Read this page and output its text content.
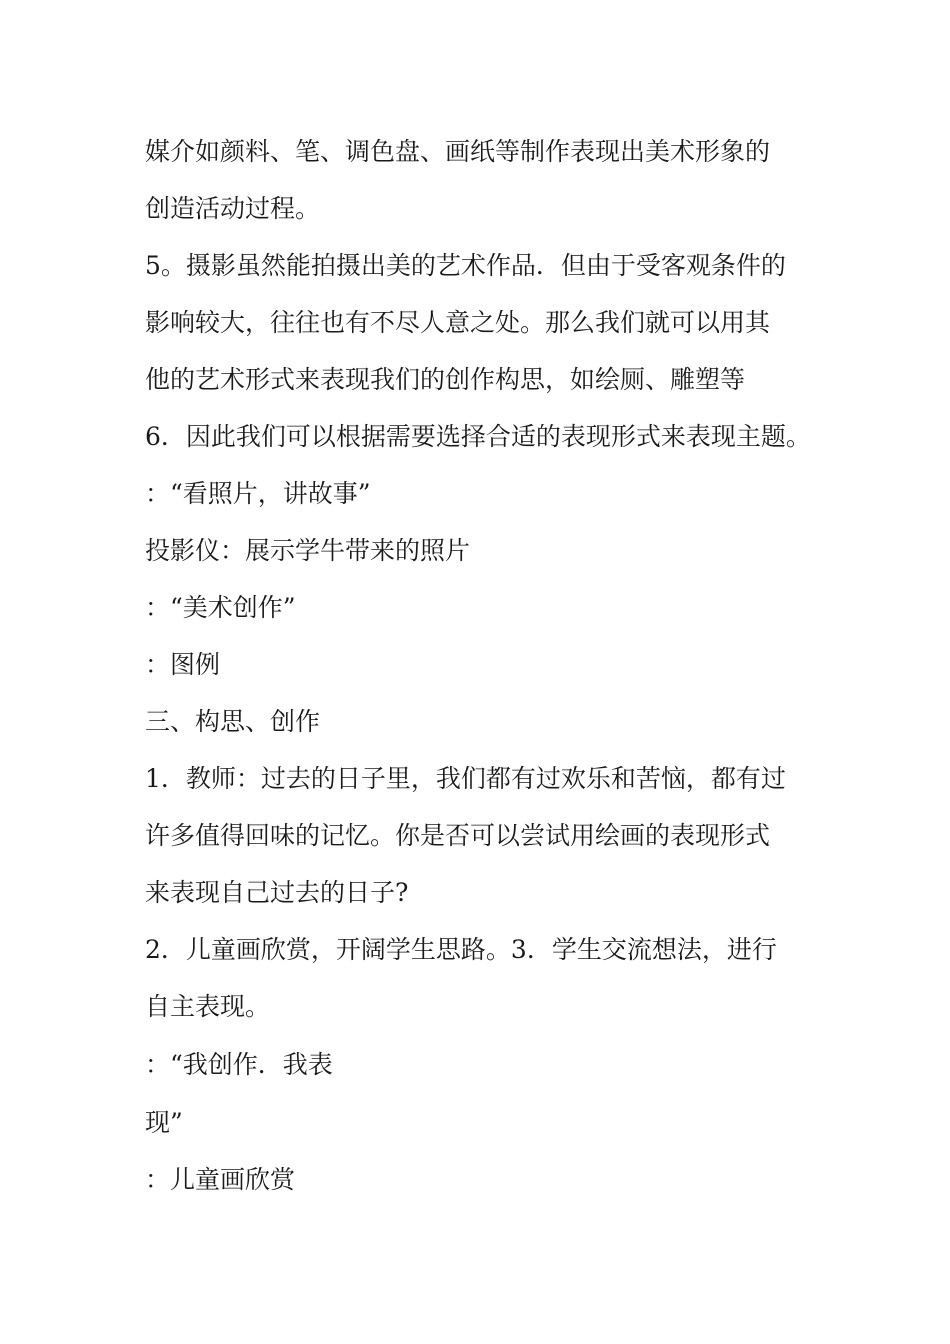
媒介如颜料、笔、调色盘、画纸等制作表现出美术形象的
创造活动过程。
5。摄影虽然能拍摄出美的艺术作品．但由于受客观条件的
影响较大，往往也有不尽人意之处。那么我们就可以用其
他的艺术形式来表现我们的创作构思，如绘厕、雕塑等
6．因此我们可以根据需要选择合适的表现形式来表现主题。
：“看照片，讲故事”
投影仪：展示学牛带来的照片
：“美术创作”
：图例
三、构思、创作
1．教师：过去的日子里，我们都有过欢乐和苦恼，都有过
许多值得回味的记忆。你是否可以尝试用绘画的表现形式
来表现自己过去的日子?
2．儿童画欣赏，开阔学生思路。3．学生交流想法，进行
自主表现。
：“我创作．我表
现”
：儿童画欣赏
